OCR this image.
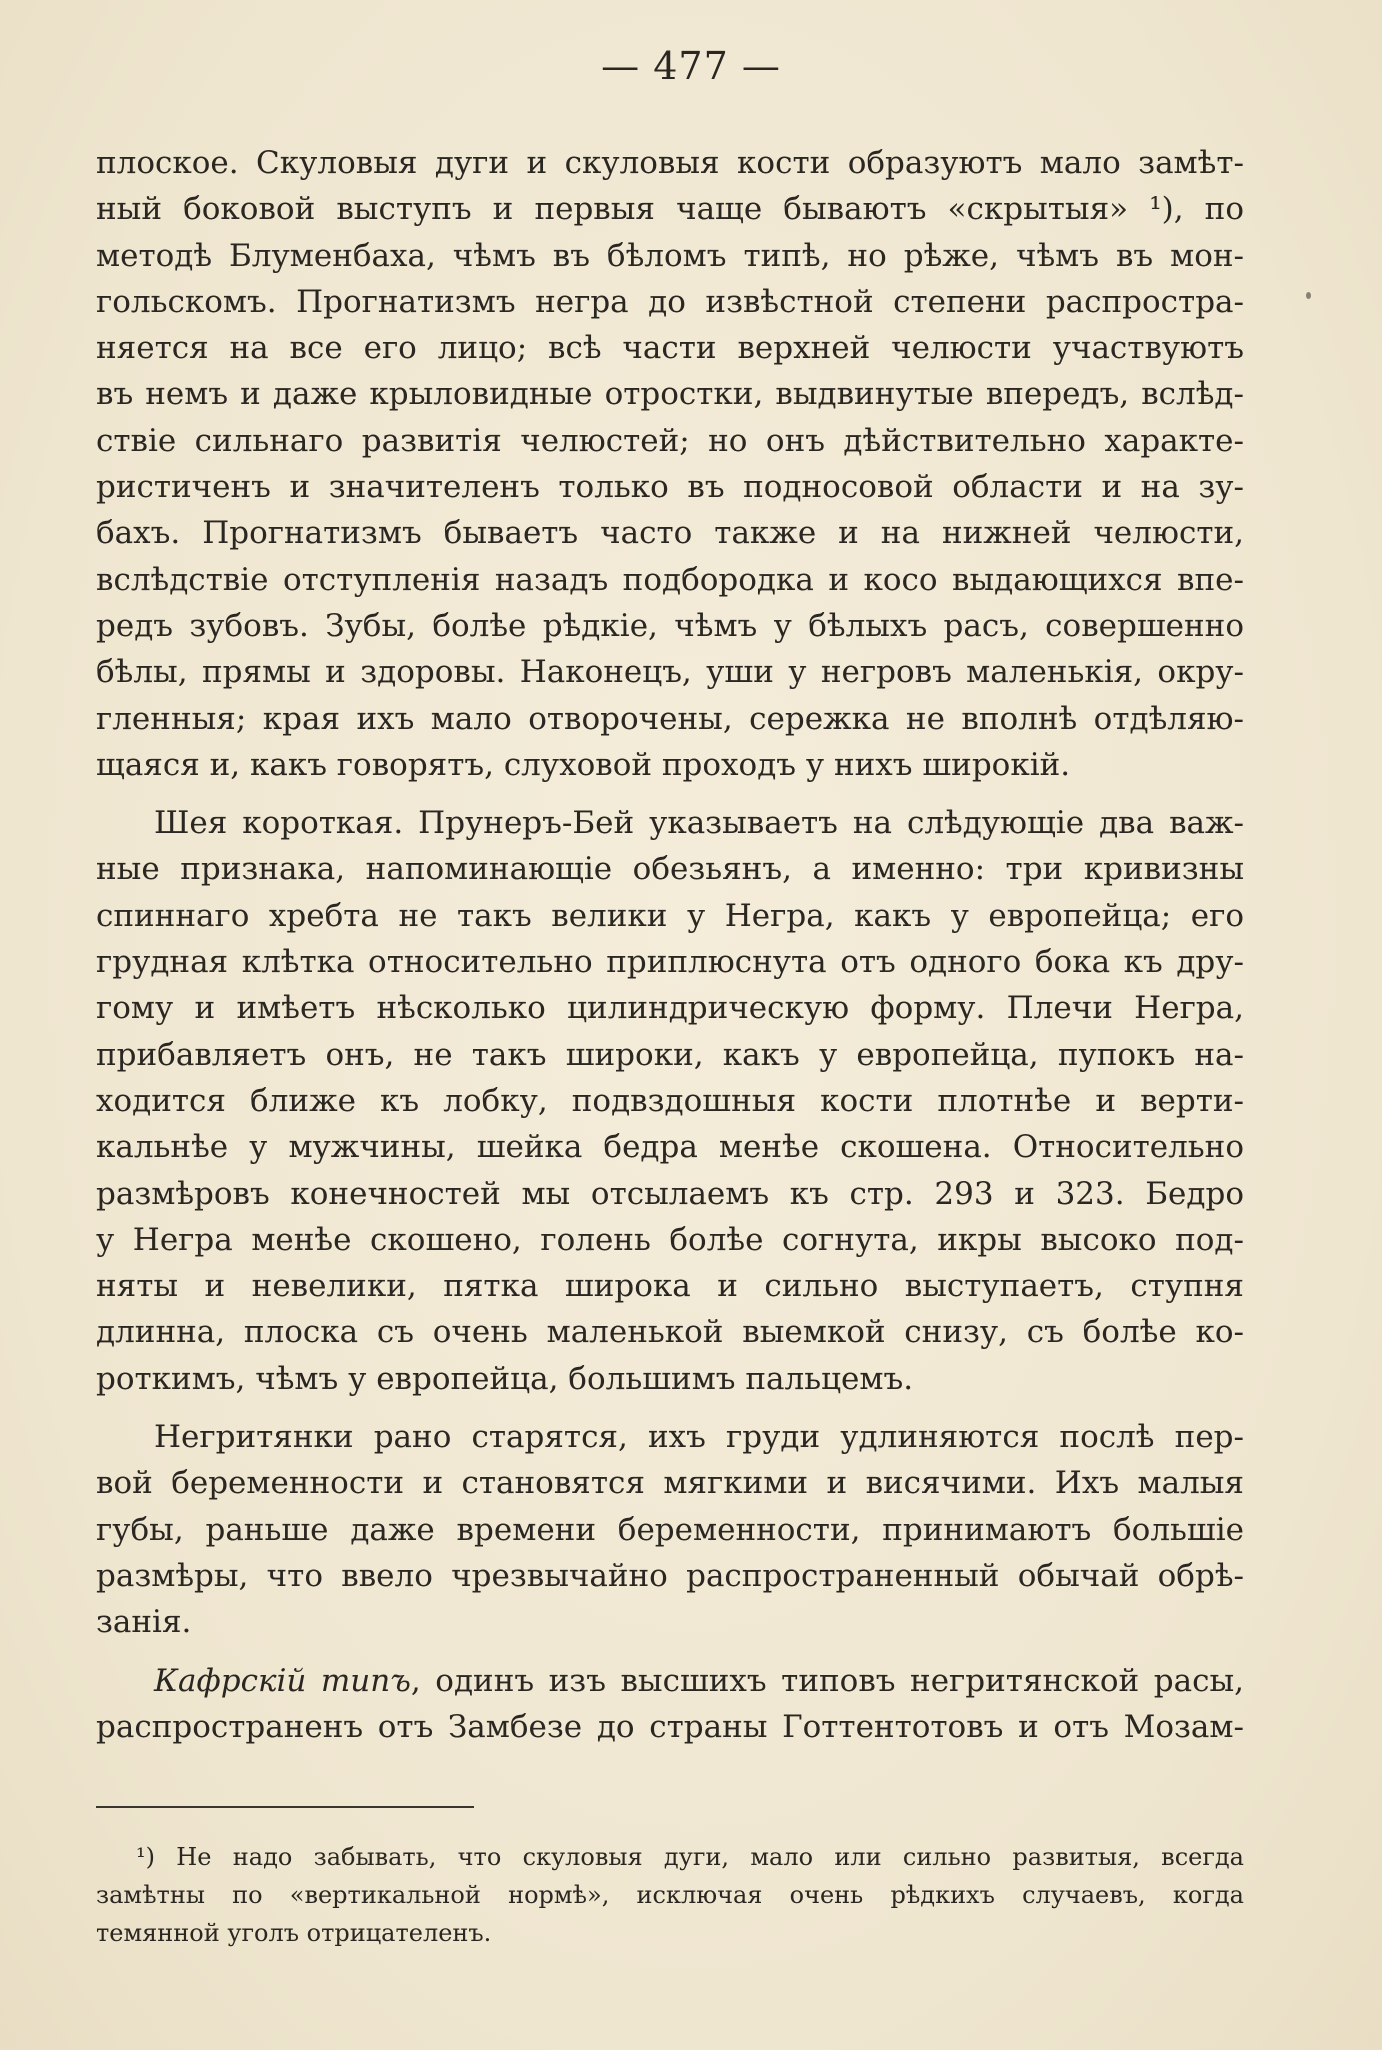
— 477 —
плоское. Скуловыя дуги и скуловыя кости образуютъ мало замѣт-
ный боковой выступъ и первыя чаще бываютъ «скрытыя» ¹), по
методѣ Блуменбаха, чѣмъ въ бѣломъ типѣ, но рѣже, чѣмъ въ мон-
гольскомъ. Прогнатизмъ негра до извѣстной степени распростра-
няется на все его лицо; всѣ части верхней челюсти участвуютъ
въ немъ и даже крыловидные отростки, выдвинутые впередъ, вслѣд-
ствіе сильнаго развитія челюстей; но онъ дѣйствительно характе-
ристиченъ и значителенъ только въ подносовой области и на зу-
бахъ. Прогнатизмъ бываетъ часто также и на нижней челюсти,
вслѣдствіе отступленія назадъ подбородка и косо выдающихся впе-
редъ зубовъ. Зубы, болѣе рѣдкіе, чѣмъ у бѣлыхъ расъ, совершенно
бѣлы, прямы и здоровы. Наконецъ, уши у негровъ маленькія, окру-
гленныя; края ихъ мало отворочены, сережка не вполнѣ отдѣляю-
щаяся и, какъ говорятъ, слуховой проходъ у нихъ широкій.
Шея короткая. Прунеръ-Бей указываетъ на слѣдующіе два важ-
ные признака, напоминающіе обезьянъ, а именно: три кривизны
спиннаго хребта не такъ велики у Негра, какъ у европейца; его
грудная клѣтка относительно приплюснута отъ одного бока къ дру-
гому и имѣетъ нѣсколько цилиндрическую форму. Плечи Негра,
прибавляетъ онъ, не такъ широки, какъ у европейца, пупокъ на-
ходится ближе къ лобку, подвздошныя кости плотнѣе и верти-
кальнѣе у мужчины, шейка бедра менѣе скошена. Относительно
размѣровъ конечностей мы отсылаемъ къ стр. 293 и 323. Бедро
у Негра менѣе скошено, голень болѣе согнута, икры высоко под-
няты и невелики, пятка широка и сильно выступаетъ, ступня
длинна, плоска съ очень маленькой выемкой снизу, съ болѣе ко-
роткимъ, чѣмъ у европейца, большимъ пальцемъ.
Негритянки рано старятся, ихъ груди удлиняются послѣ пер-
вой беременности и становятся мягкими и висячими. Ихъ малыя
губы, раньше даже времени беременности, принимаютъ большіе
размѣры, что ввело чрезвычайно распространенный обычай обрѣ-
занія.
Кафрскій типъ, одинъ изъ высшихъ типовъ негритянской расы,
распространенъ отъ Замбезе до страны Готтентотовъ и отъ Мозам-
¹) Не надо забывать, что скуловыя дуги, мало или сильно развитыя, всегда
замѣтны по «вертикальной нормѣ», исключая очень рѣдкихъ случаевъ, когда
темянной уголъ отрицателенъ.
